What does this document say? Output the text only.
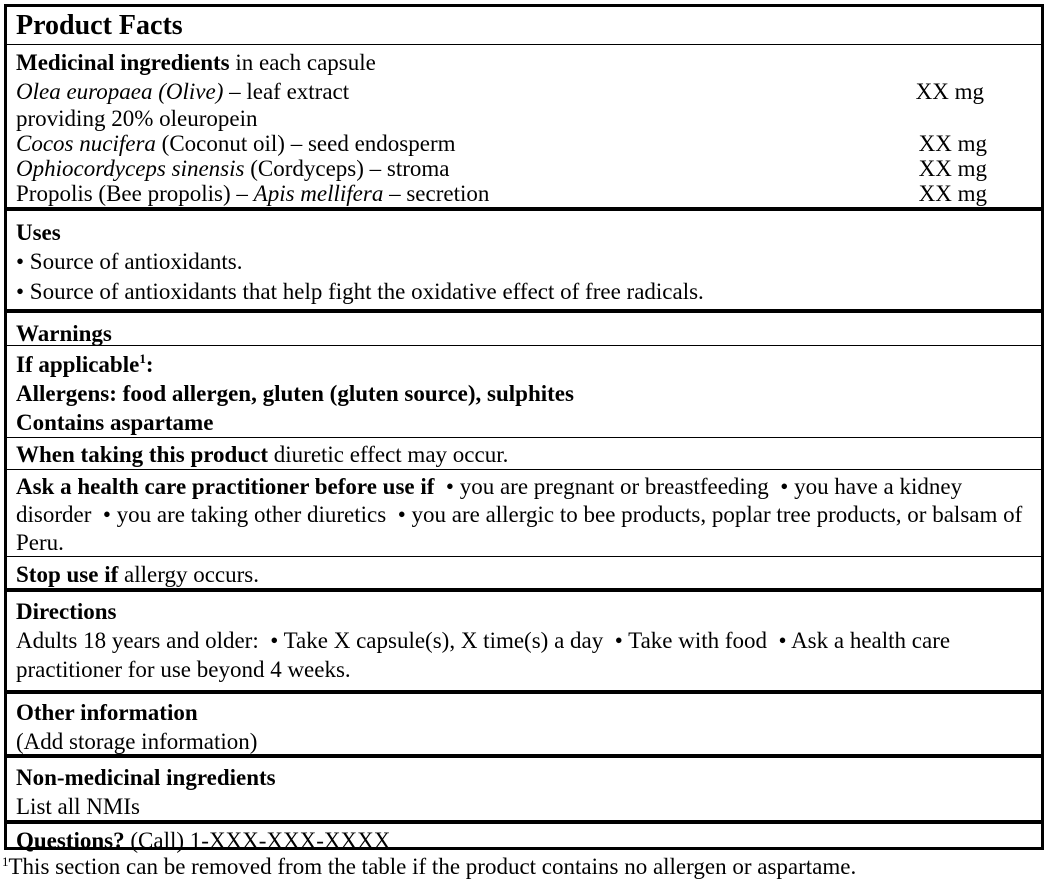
Product Facts
Medicinal ingredients in each capsule
Olea europaea (Olive) – leaf extract	XX mg
providing 20% oleuropein
Cocos nucifera (Coconut oil) – seed endosperm	XX mg
Ophiocordyceps sinensis (Cordyceps) – stroma	XX mg
Propolis (Bee propolis) – Apis mellifera – secretion	XX mg
Uses
• Source of antioxidants.
• Source of antioxidants that help fight the oxidative effect of free radicals.
Warnings
If applicable$^1$:
Allergens: food allergen, gluten (gluten source), sulphites
Contains aspartame
When taking this product diuretic effect may occur.
Ask a health care practitioner before use if  • you are pregnant or breastfeeding  • you have a kidney disorder  • you are taking other diuretics  • you are allergic to bee products, poplar tree products, or balsam of Peru.
Stop use if allergy occurs.
Directions
Adults 18 years and older:  • Take X capsule(s), X time(s) a day  • Take with food  • Ask a health care practitioner for use beyond 4 weeks.
Other information
(Add storage information)
Non-medicinal ingredients
List all NMIs
Questions? (Call) 1-XXX-XXX-XXXX
$^1$This section can be removed from the table if the product contains no allergen or aspartame.
